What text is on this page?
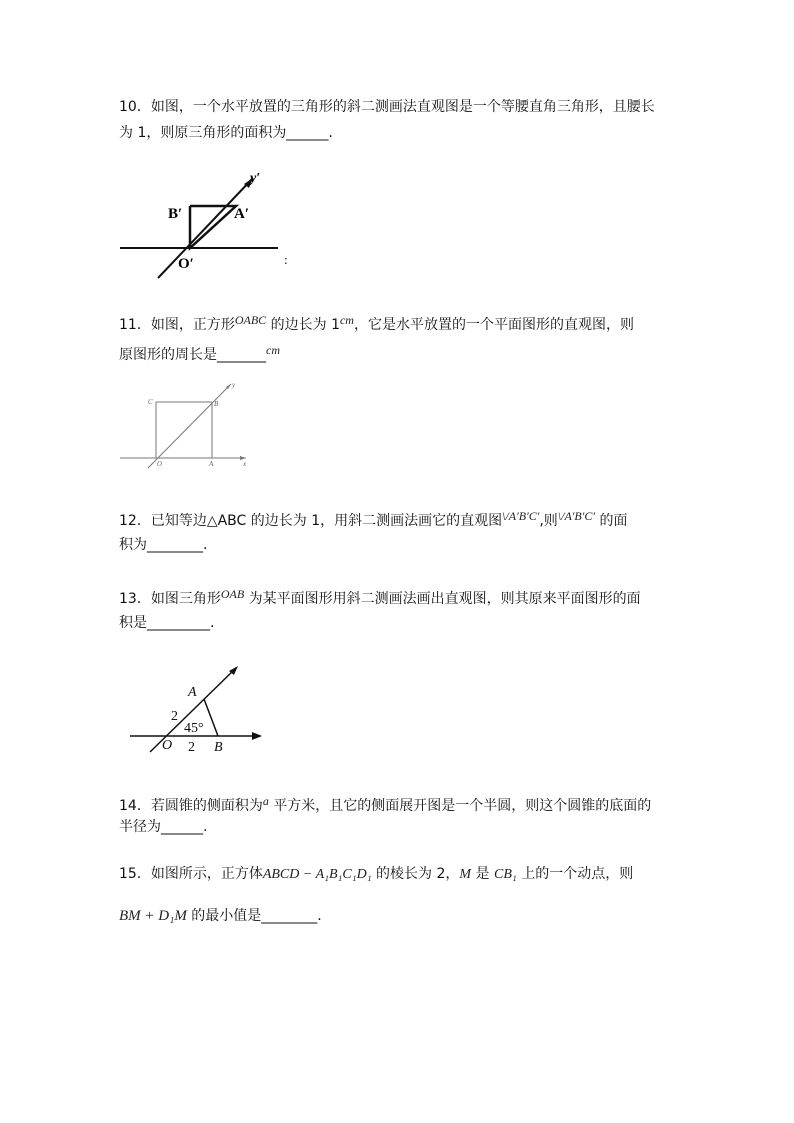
10．如图，一个水平放置的三角形的斜二测画法直观图是一个等腰直角三角形，且腰长
为 1，则原三角形的面积为______.
y′
B′	A′
O′	:
11．如图，正方形OABC 的边长为 1cm，它是水平放置的一个平面图形的直观图，则
原图形的周长是_______cm
y
C	B
O	A	x
12．已知等边△ABC 的边长为 1，用斜二测画法画它的直观图\/A′B′C′,则\/A′B′C′ 的面
积为________.
13．如图三角形OAB 为某平面图形用斜二测画法画出直观图，则其原来平面图形的面
积是_________.
A
2
45°
O 2 B
14．若圆锥的侧面积为a 平方米，且它的侧面展开图是一个半圆，则这个圆锥的底面的
半径为______.
15．如图所示，正方体ABCD − A₁B₁C₁D₁ 的棱长为 2，M 是 CB₁ 上的一个动点，则
BM + D₁M 的最小值是________.
